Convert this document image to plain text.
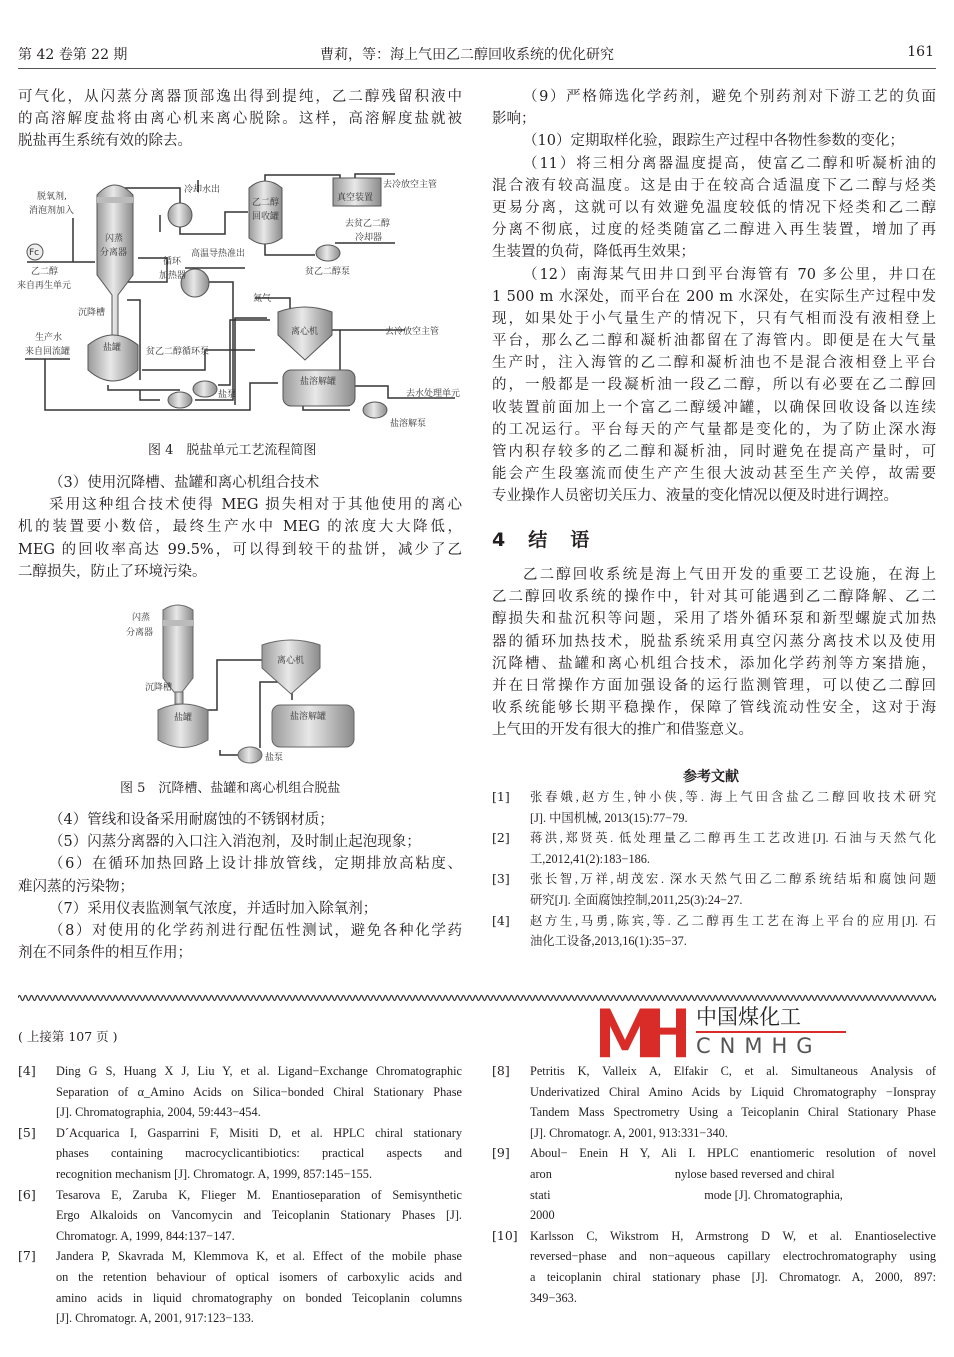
第 42 卷第 22 期	曹莉，等：海上气田乙二醇回收系统的优化研究	161
可气化，从闪蒸分离器顶部逸出得到提纯，乙二醇残留积液中
的高溶解度盐将由离心机来离心脱除。这样，高溶解度盐就被
脱盐再生系统有效的除去。
Fc
脱氧剂,
消泡剂加入
乙二醇
来自再生单元
闪蒸
分离器
冷却水出
乙二醇
回收罐
真空装置
去冷放空主管
去贫乙二醇
冷却器
贫乙二醇泵
循环
加热器
高温导热准出
氮气
沉降槽
离心机	去冷放空主管
生产水
来自回流罐	盐罐	贫乙二醇循环泵
盐溶解罐
盐泵	去水处理单元
盐溶解泵
图 4　脱盐单元工艺流程简图
（3）使用沉降槽、盐罐和离心机组合技术
采用这种组合技术使得 MEG 损失相对于其他使用的离心
机的装置要小数倍，最终生产水中 MEG 的浓度大大降低，
MEG 的回收率高达 99.5%，可以得到较干的盐饼，减少了乙
二醇损失，防止了环境污染。
闪蒸
分离器
沉降槽
盐罐
离心机
盐溶解罐
盐泵
图 5　沉降槽、盐罐和离心机组合脱盐
（4）管线和设备采用耐腐蚀的不锈钢材质；
（5）闪蒸分离器的入口注入消泡剂，及时制止起泡现象；
（6）在循环加热回路上设计排放管线，定期排放高粘度、
难闪蒸的污染物；
（7）采用仪表监测氧气浓度，并适时加入除氧剂；
（8）对使用的化学药剂进行配伍性测试，避免各种化学药
剂在不同条件的相互作用；
（9）严格筛选化学药剂，避免个别药剂对下游工艺的负面
影响；
（10）定期取样化验，跟踪生产过程中各物性参数的变化；
（11）将三相分离器温度提高，使富乙二醇和听凝析油的
混合液有较高温度。这是由于在较高合适温度下乙二醇与烃类
更易分离，这就可以有效避免温度较低的情况下烃类和乙二醇
分离不彻底，过度的烃类随富乙二醇进入再生装置，增加了再
生装置的负荷，降低再生效果；
（12）南海某气田井口到平台海管有 70 多公里，井口在
1 500 m 水深处，而平台在 200 m 水深处，在实际生产过程中发
现，如果处于小气量生产的情况下，只有气相而没有液相登上
平台，那么乙二醇和凝析油都留在了海管内。即便是在大气量
生产时，注入海管的乙二醇和凝析油也不是混合液相登上平台
的，一般都是一段凝析油一段乙二醇，所以有必要在乙二醇回
收装置前面加上一个富乙二醇缓冲罐，以确保回收设备以连续
的工况运行。平台每天的产气量都是变化的，为了防止深水海
管内积存较多的乙二醇和凝析油，同时避免在提高产量时，可
能会产生段塞流而使生产产生很大波动甚至生产关停，故需要
专业操作人员密切关压力、液量的变化情况以便及时进行调控。
4　结　语
乙二醇回收系统是海上气田开发的重要工艺设施，在海上
乙二醇回收系统的操作中，针对其可能遇到乙二醇降解、乙二
醇损失和盐沉积等问题，采用了塔外循环泵和新型螺旋式加热
器的循环加热技术，脱盐系统采用真空闪蒸分离技术以及使用
沉降槽、盐罐和离心机组合技术，添加化学药剂等方案措施，
并在日常操作方面加强设备的运行监测管理，可以使乙二醇回
收系统能够长期平稳操作，保障了管线流动性安全，这对于海
上气田的开发有很大的推广和借鉴意义。
参考文献
[1] 张春娥,赵方生,钟小侠,等. 海上气田含盐乙二醇回收技术研究
[J]. 中国机械, 2013(15):77−79.
[2] 蒋洪,郑贤英. 低处理量乙二醇再生工艺改进[J]. 石油与天然气化
工,2012,41(2):183−186.
[3] 张长智,万祥,胡茂宏. 深水天然气田乙二醇系统结垢和腐蚀问题
研究[J]. 全面腐蚀控制,2011,25(3):24−27.
[4] 赵方生,马勇,陈宾,等. 乙二醇再生工艺在海上平台的应用[J]. 石
油化工设备,2013,16(1):35−37.
( 上接第 107 页 )
[4] Ding G S, Huang X J, Liu Y, et al. Ligand−Exchange Chromatographic
Separation of α_Amino Acids on Silica−bonded Chiral Stationary Phase
[J]. Chromatographia, 2004, 59:443−454.
[5] D´Acquarica I, Gasparrini F, Misiti D, et al. HPLC chiral stationary
phases containing macrocyclicantibiotics: practical aspects and
recognition mechanism [J]. Chromatogr. A, 1999, 857:145−155.
[6] Tesarova E, Zaruba K, Flieger M. Enantioseparation of Semisynthetic
Ergo Alkaloids on Vancomycin and Teicoplanin Stationary Phases [J].
Chromatogr. A, 1999, 844:137−147.
[7] Jandera P, Skavrada M, Klemmova K, et al. Effect of the mobile phase
on the retention behaviour of optical isomers of carboxylic acids and
amino acids in liquid chromatography on bonded Teicoplanin columns
[J]. Chromatogr. A, 2001, 917:123−133.
[8] Petritis K, Valleix A, Elfakir C, et al. Simultaneous Analysis of
Underivatized Chiral Amino Acids by Liquid Chromatography −Ionspray
Tandem Mass Spectrometry Using a Teicoplanin Chiral Stationary Phase
[J]. Chromatogr. A, 2001, 913:331−340.
[9] Aboul− Enein H Y, Ali I. HPLC enantiomeric resolution of novel
aron                                        nylose based reversed and chiral
stati                                                  mode [J]. Chromatographia,
2000
[10] Karlsson C, Wikstrom H, Armstrong D W, et al. Enantioselective
reversed−phase and non−aqueous capillary electrochromatography using
a teicoplanin chiral stationary phase [J]. Chromatogr. A, 2000, 897:
349−363.
中国煤化工
CNMHG
